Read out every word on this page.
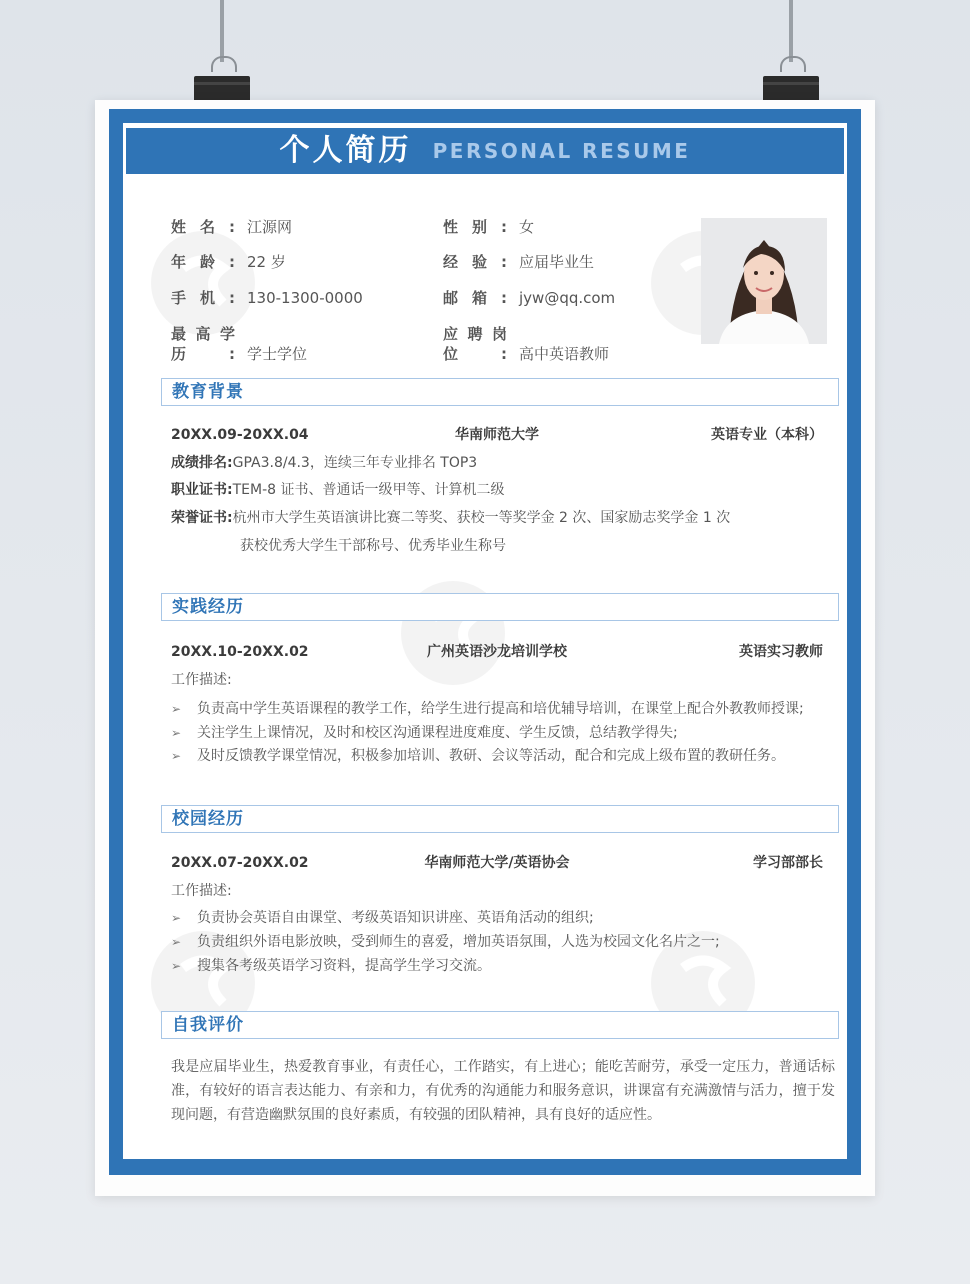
个人简历 PERSONAL RESUME
姓名: 江源网	性别: 女
年龄: 22 岁	经验: 应届毕业生
手机: 130-1300-0000	邮箱: jyw@qq.com
最高学历: 学士学位
应聘岗位: 高中英语教师
教育背景
20XX.09-20XX.04	华南师范大学	英语专业（本科）
成绩排名:GPA3.8/4.3，连续三年专业排名 TOP3
职业证书:TEM-8 证书、普通话一级甲等、计算机二级
荣誉证书:杭州市大学生英语演讲比赛二等奖、获校一等奖学金 2 次、国家励志奖学金 1 次
获校优秀大学生干部称号、优秀毕业生称号
实践经历
20XX.10-20XX.02	广州英语沙龙培训学校	英语实习教师
工作描述:
➢ 负责高中学生英语课程的教学工作，给学生进行提高和培优辅导培训，在课堂上配合外教教师授课;
➢ 关注学生上课情况，及时和校区沟通课程进度难度、学生反馈，总结教学得失;
➢ 及时反馈教学课堂情况，积极参加培训、教研、会议等活动，配合和完成上级布置的教研任务。
校园经历
20XX.07-20XX.02	华南师范大学/英语协会	学习部部长
工作描述:
➢ 负责协会英语自由课堂、考级英语知识讲座、英语角活动的组织;
➢ 负责组织外语电影放映，受到师生的喜爱，增加英语氛围，人选为校园文化名片之一;
➢ 搜集各考级英语学习资料，提高学生学习交流。
自我评价
我是应届毕业生，热爱教育事业，有责任心，工作踏实，有上进心；能吃苦耐劳，承受一定压力，普通话标准，有较好的语言表达能力、有亲和力，有优秀的沟通能力和服务意识，讲课富有充满激情与活力，擅于发现问题，有营造幽默氛围的良好素质，有较强的团队精神，具有良好的适应性。
